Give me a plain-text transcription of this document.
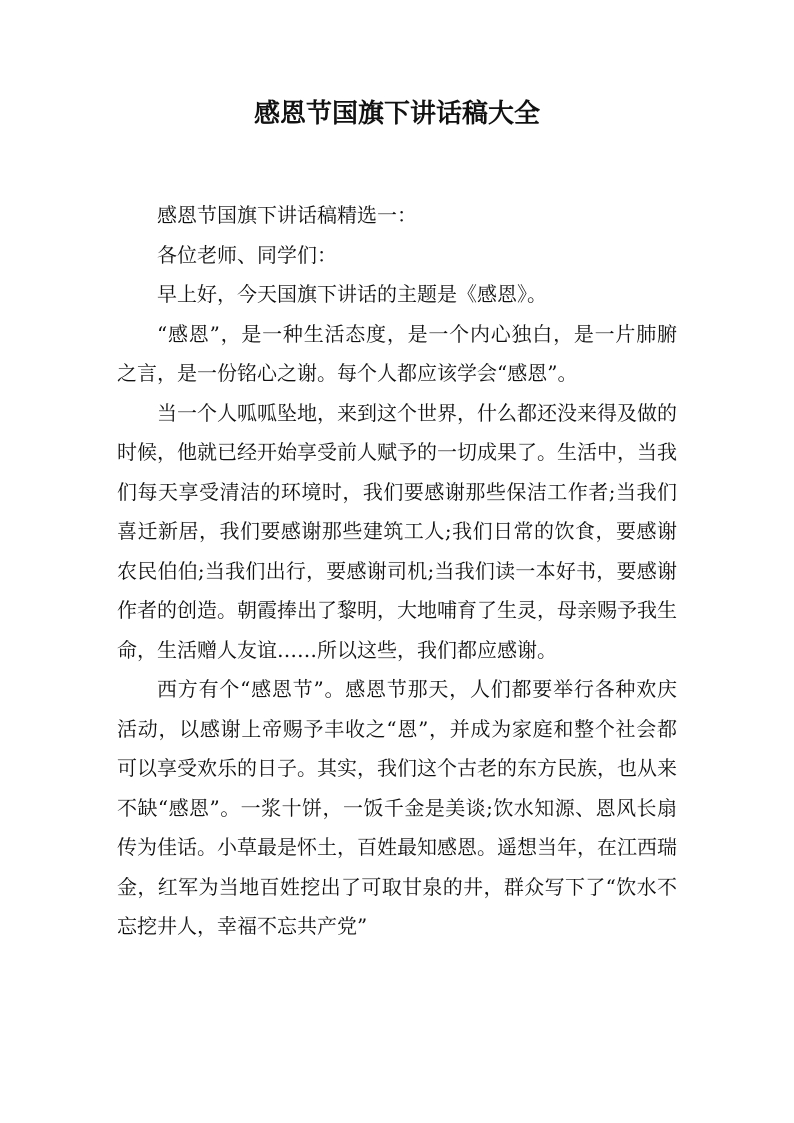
感恩节国旗下讲话稿大全

感恩节国旗下讲话稿精选一：

各位老师、同学们：

早上好，今天国旗下讲话的主题是《感恩》。

“感恩”，是一种生活态度，是一个内心独白，是一片肺腑之言，是一份铭心之谢。每个人都应该学会“感恩”。

当一个人呱呱坠地，来到这个世界，什么都还没来得及做的时候，他就已经开始享受前人赋予的一切成果了。生活中，当我们每天享受清洁的环境时，我们要感谢那些保洁工作者;当我们喜迁新居，我们要感谢那些建筑工人;我们日常的饮食，要感谢农民伯伯;当我们出行，要感谢司机;当我们读一本好书，要感谢作者的创造。朝霞捧出了黎明，大地哺育了生灵，母亲赐予我生命，生活赠人友谊……所以这些，我们都应感谢。

西方有个“感恩节”。感恩节那天，人们都要举行各种欢庆活动，以感谢上帝赐予丰收之“恩”，并成为家庭和整个社会都可以享受欢乐的日子。其实，我们这个古老的东方民族，也从来不缺“感恩”。一浆十饼，一饭千金是美谈;饮水知源、恩风长扇传为佳话。小草最是怀土，百姓最知感恩。遥想当年，在江西瑞金，红军为当地百姓挖出了可取甘泉的井，群众写下了“饮水不忘挖井人，幸福不忘共产党”
